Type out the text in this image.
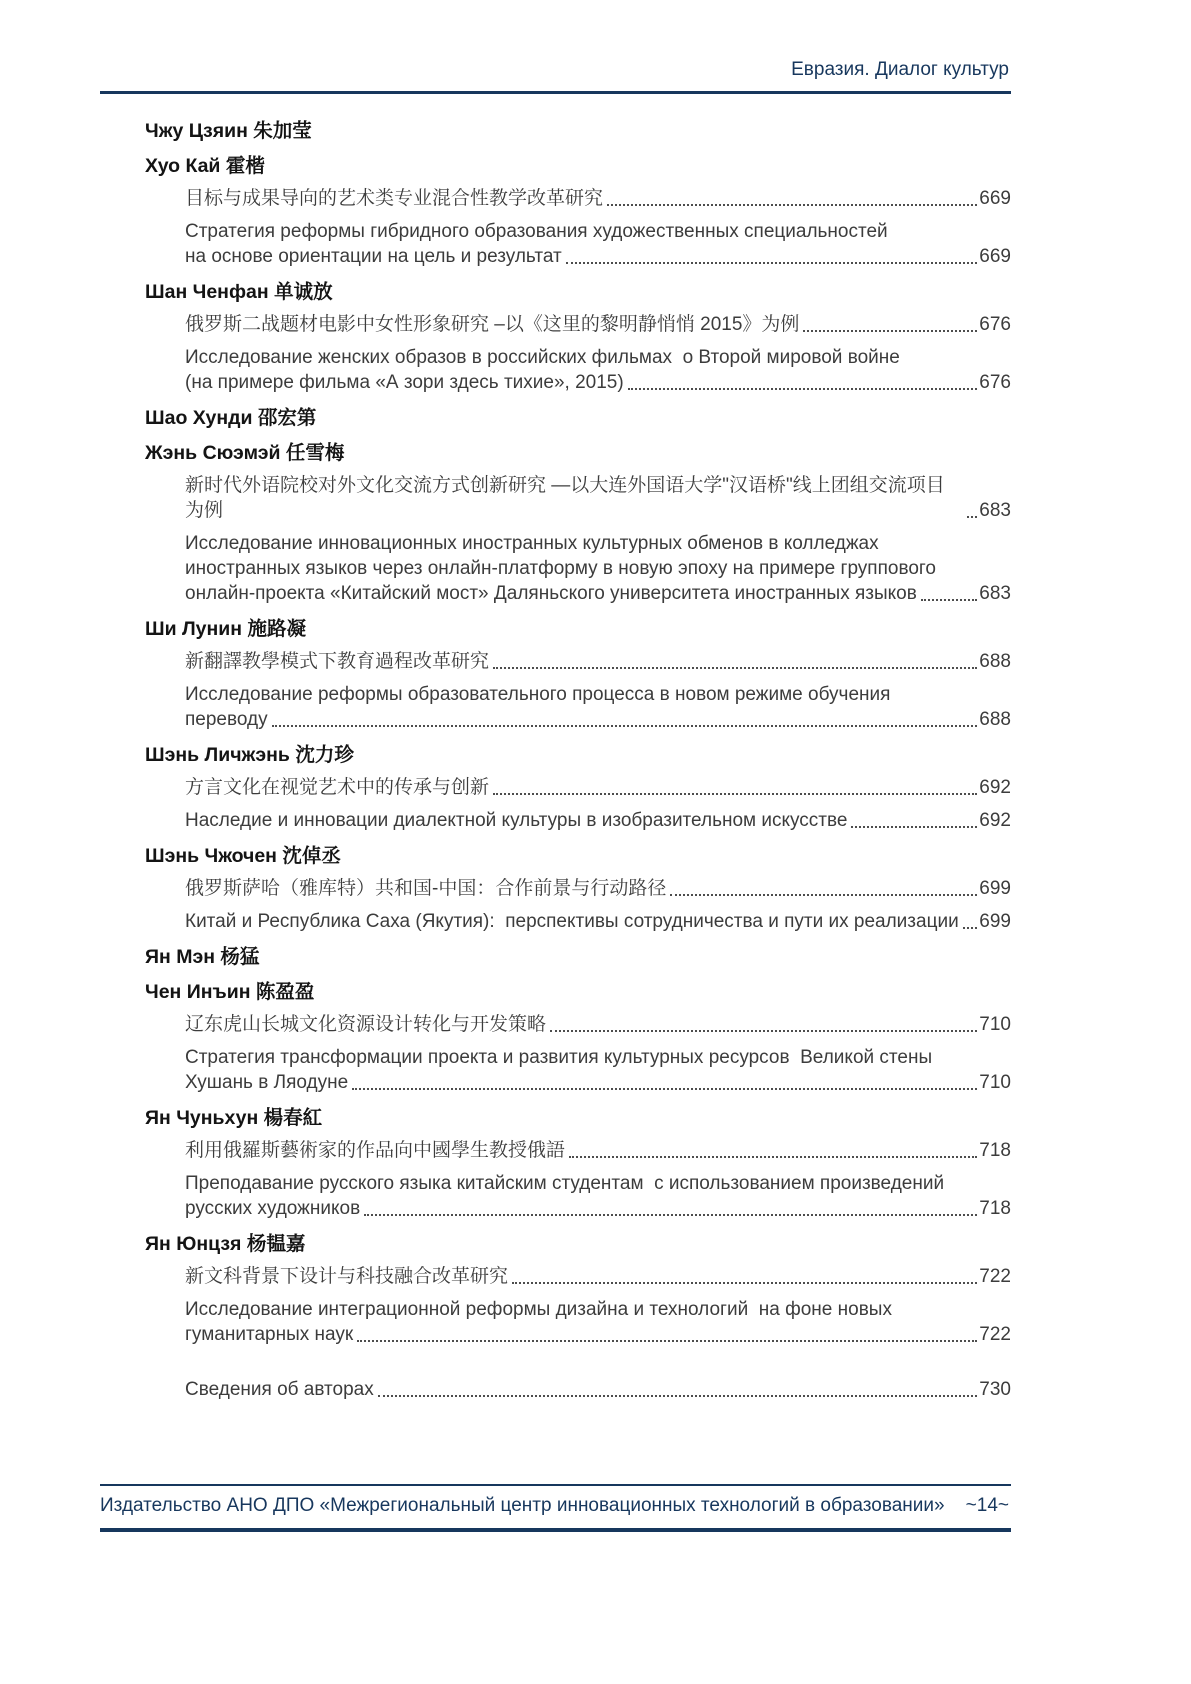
Евразия. Диалог культур
Чжу Цзяин 朱加莹
Хуо Кай 霍楷
目标与成果导向的艺术类专业混合性教学改革研究	669
Стратегия реформы гибридного образования художественных специальностей
на основе ориентации на цель и результат	669
Шан Ченфан 单诚放
俄罗斯二战题材电影中女性形象研究 –以《这里的黎明静悄悄 2015》为例	676
Исследование женских образов в российских фильмах  о Второй мировой войне
(на примере фильма «А зори здесь тихие», 2015)	676
Шао Хунди 邵宏第
Жэнь Сюэмэй 任雪梅
新时代外语院校对外文化交流方式创新研究 —以大连外国语大学"汉语桥"线上团组交流项目为例	683
Исследование инновационных иностранных культурных обменов в колледжах
иностранных языков через онлайн-платформу в новую эпоху на примере группового
онлайн-проекта «Китайский мост» Даляньского университета иностранных языков	683
Ши Лунин 施路凝
新翻譯教學模式下教育過程改革研究	688
Исследование реформы образовательного процесса в новом режиме обучения
переводу	688
Шэнь Личжэнь 沈力珍
方言文化在视觉艺术中的传承与创新	692
Наследие и инновации диалектной культуры в изобразительном искусстве	692
Шэнь Чжочен 沈倬丞
俄罗斯萨哈（雅库特）共和国-中国：合作前景与行动路径	699
Китай и Республика Саха (Якутия):  перспективы сотрудничества и пути их реализации 699
Ян Мэн 杨猛
Чен Инъин 陈盈盈
辽东虎山长城文化资源设计转化与开发策略	710
Стратегия трансформации проекта и развития культурных ресурсов  Великой стены
Хушань в Ляодуне	710
Ян Чуньхун 楊春紅
利用俄羅斯藝術家的作品向中國學生教授俄語	718
Преподавание русского языка китайским студентам  с использованием произведений
русских художников	718
Ян Юнцзя 杨韫嘉
新文科背景下设计与科技融合改革研究	722
Исследование интеграционной реформы дизайна и технологий  на фоне новых
гуманитарных наук	722
Сведения об авторах	730
Издательство АНО ДПО «Межрегиональный центр инновационных технологий в образовании» ~14~
